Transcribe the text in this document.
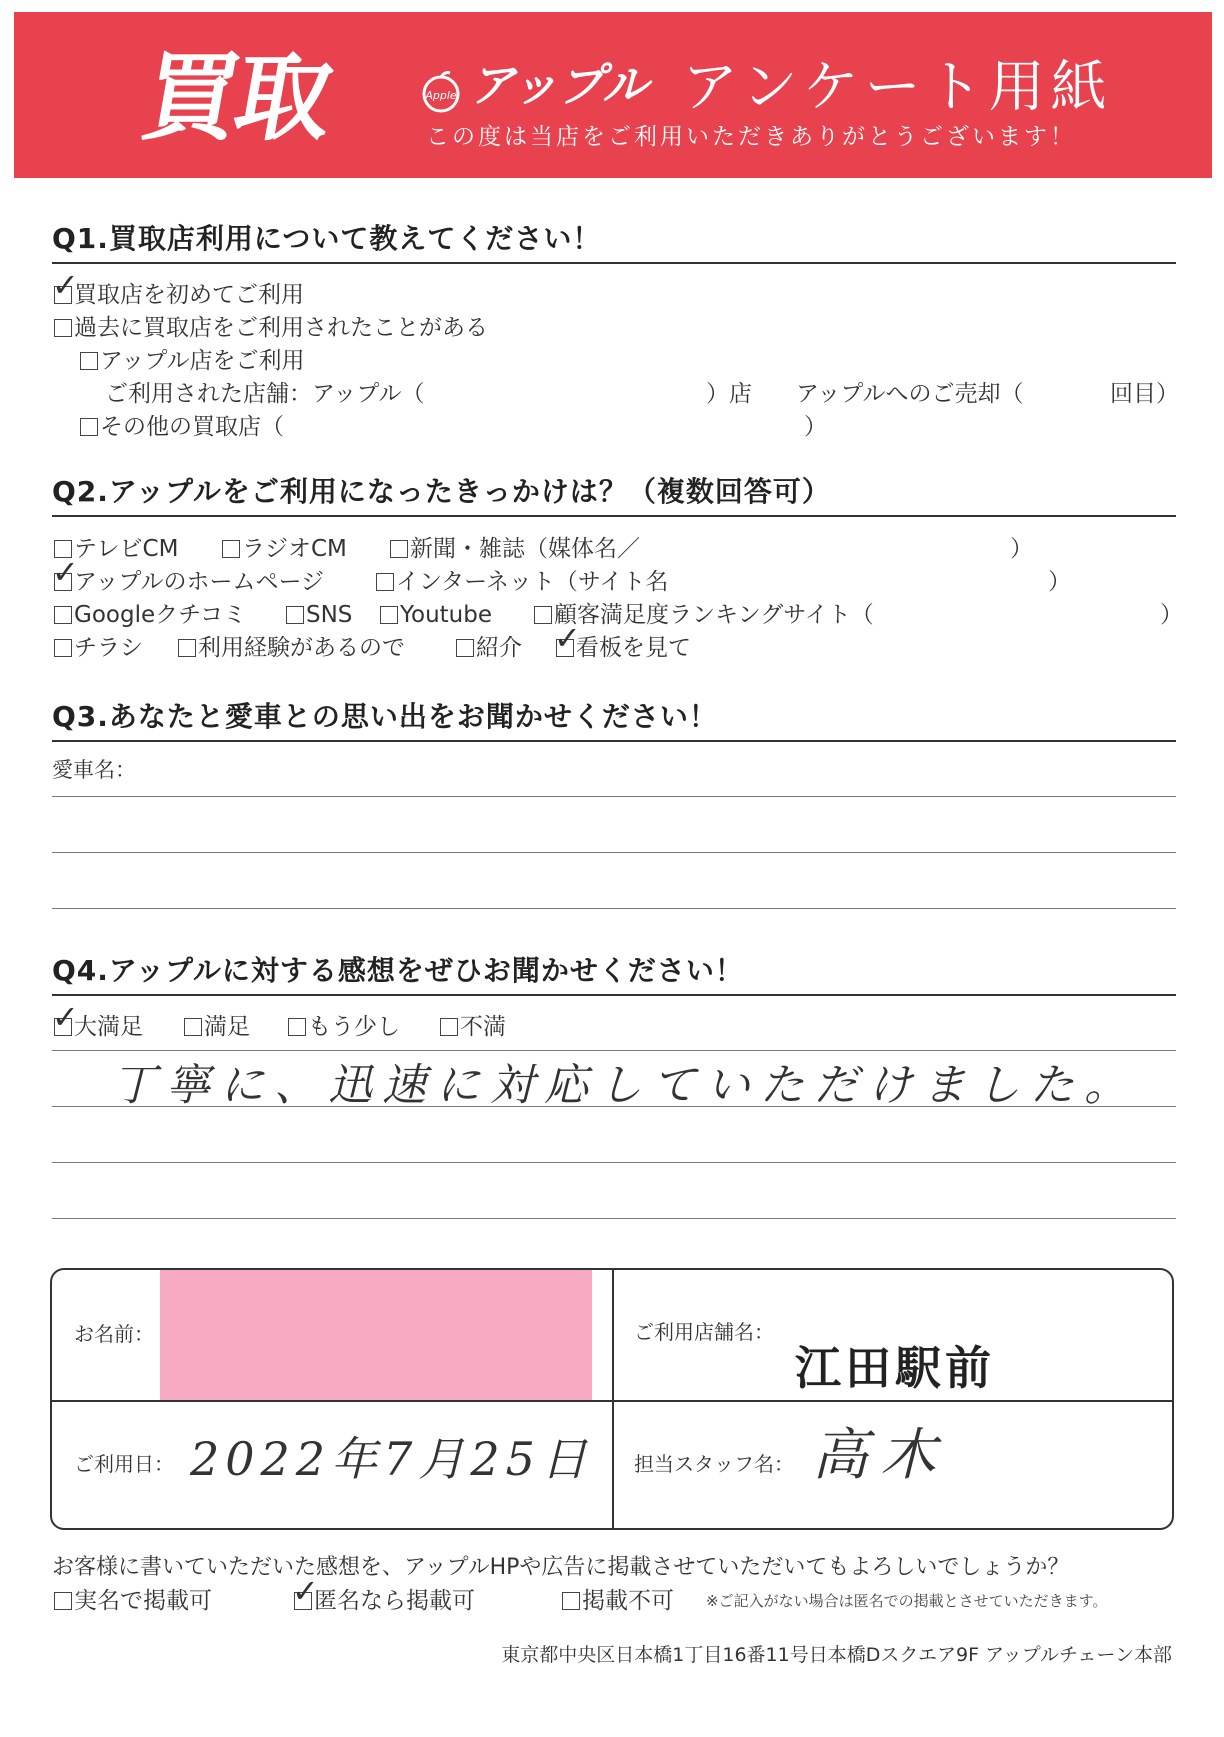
買取	Apple アップル アンケート用紙
この度は当店をご利用いただきありがとうございます！
Q1.買取店利用について教えてください！
✓買取店を初めてご利用
過去に買取店をご利用されたことがある
アップル店をご利用
ご利用された店舗：アップル（	）店 アップルへのご売却（	回目）
その他の買取店（	）
Q2.アップルをご利用になったきっかけは？（複数回答可）
テレビCM	ラジオCM	新聞・雑誌（媒体名／	）
✓アップルのホームページ	インターネット（サイト名	）
Googleクチコミ	SNS	Youtube	顧客満足度ランキングサイト（	）
チラシ	利用経験があるので	紹介 ✓	看板を見て
Q3.あなたと愛車との思い出をお聞かせください！
愛車名：
Q4.アップルに対する感想をぜひお聞かせください！
✓大満足	満足	もう少し	不満
丁寧に、迅速に対応していただけました。
お名前：	ご利用店舗名：
江田駅前
ご利用日： 2022年7月25日 担当スタッフ名： 高木
お客様に書いていただいた感想を、アップルHPや広告に掲載させていただいてもよろしいでしょうか？
実名で掲載可 ✓	匿名なら掲載可	掲載不可 ※ご記入がない場合は匿名での掲載とさせていただきます。
東京都中央区日本橋1丁目16番11号日本橋Dスクエア9F アップルチェーン本部
